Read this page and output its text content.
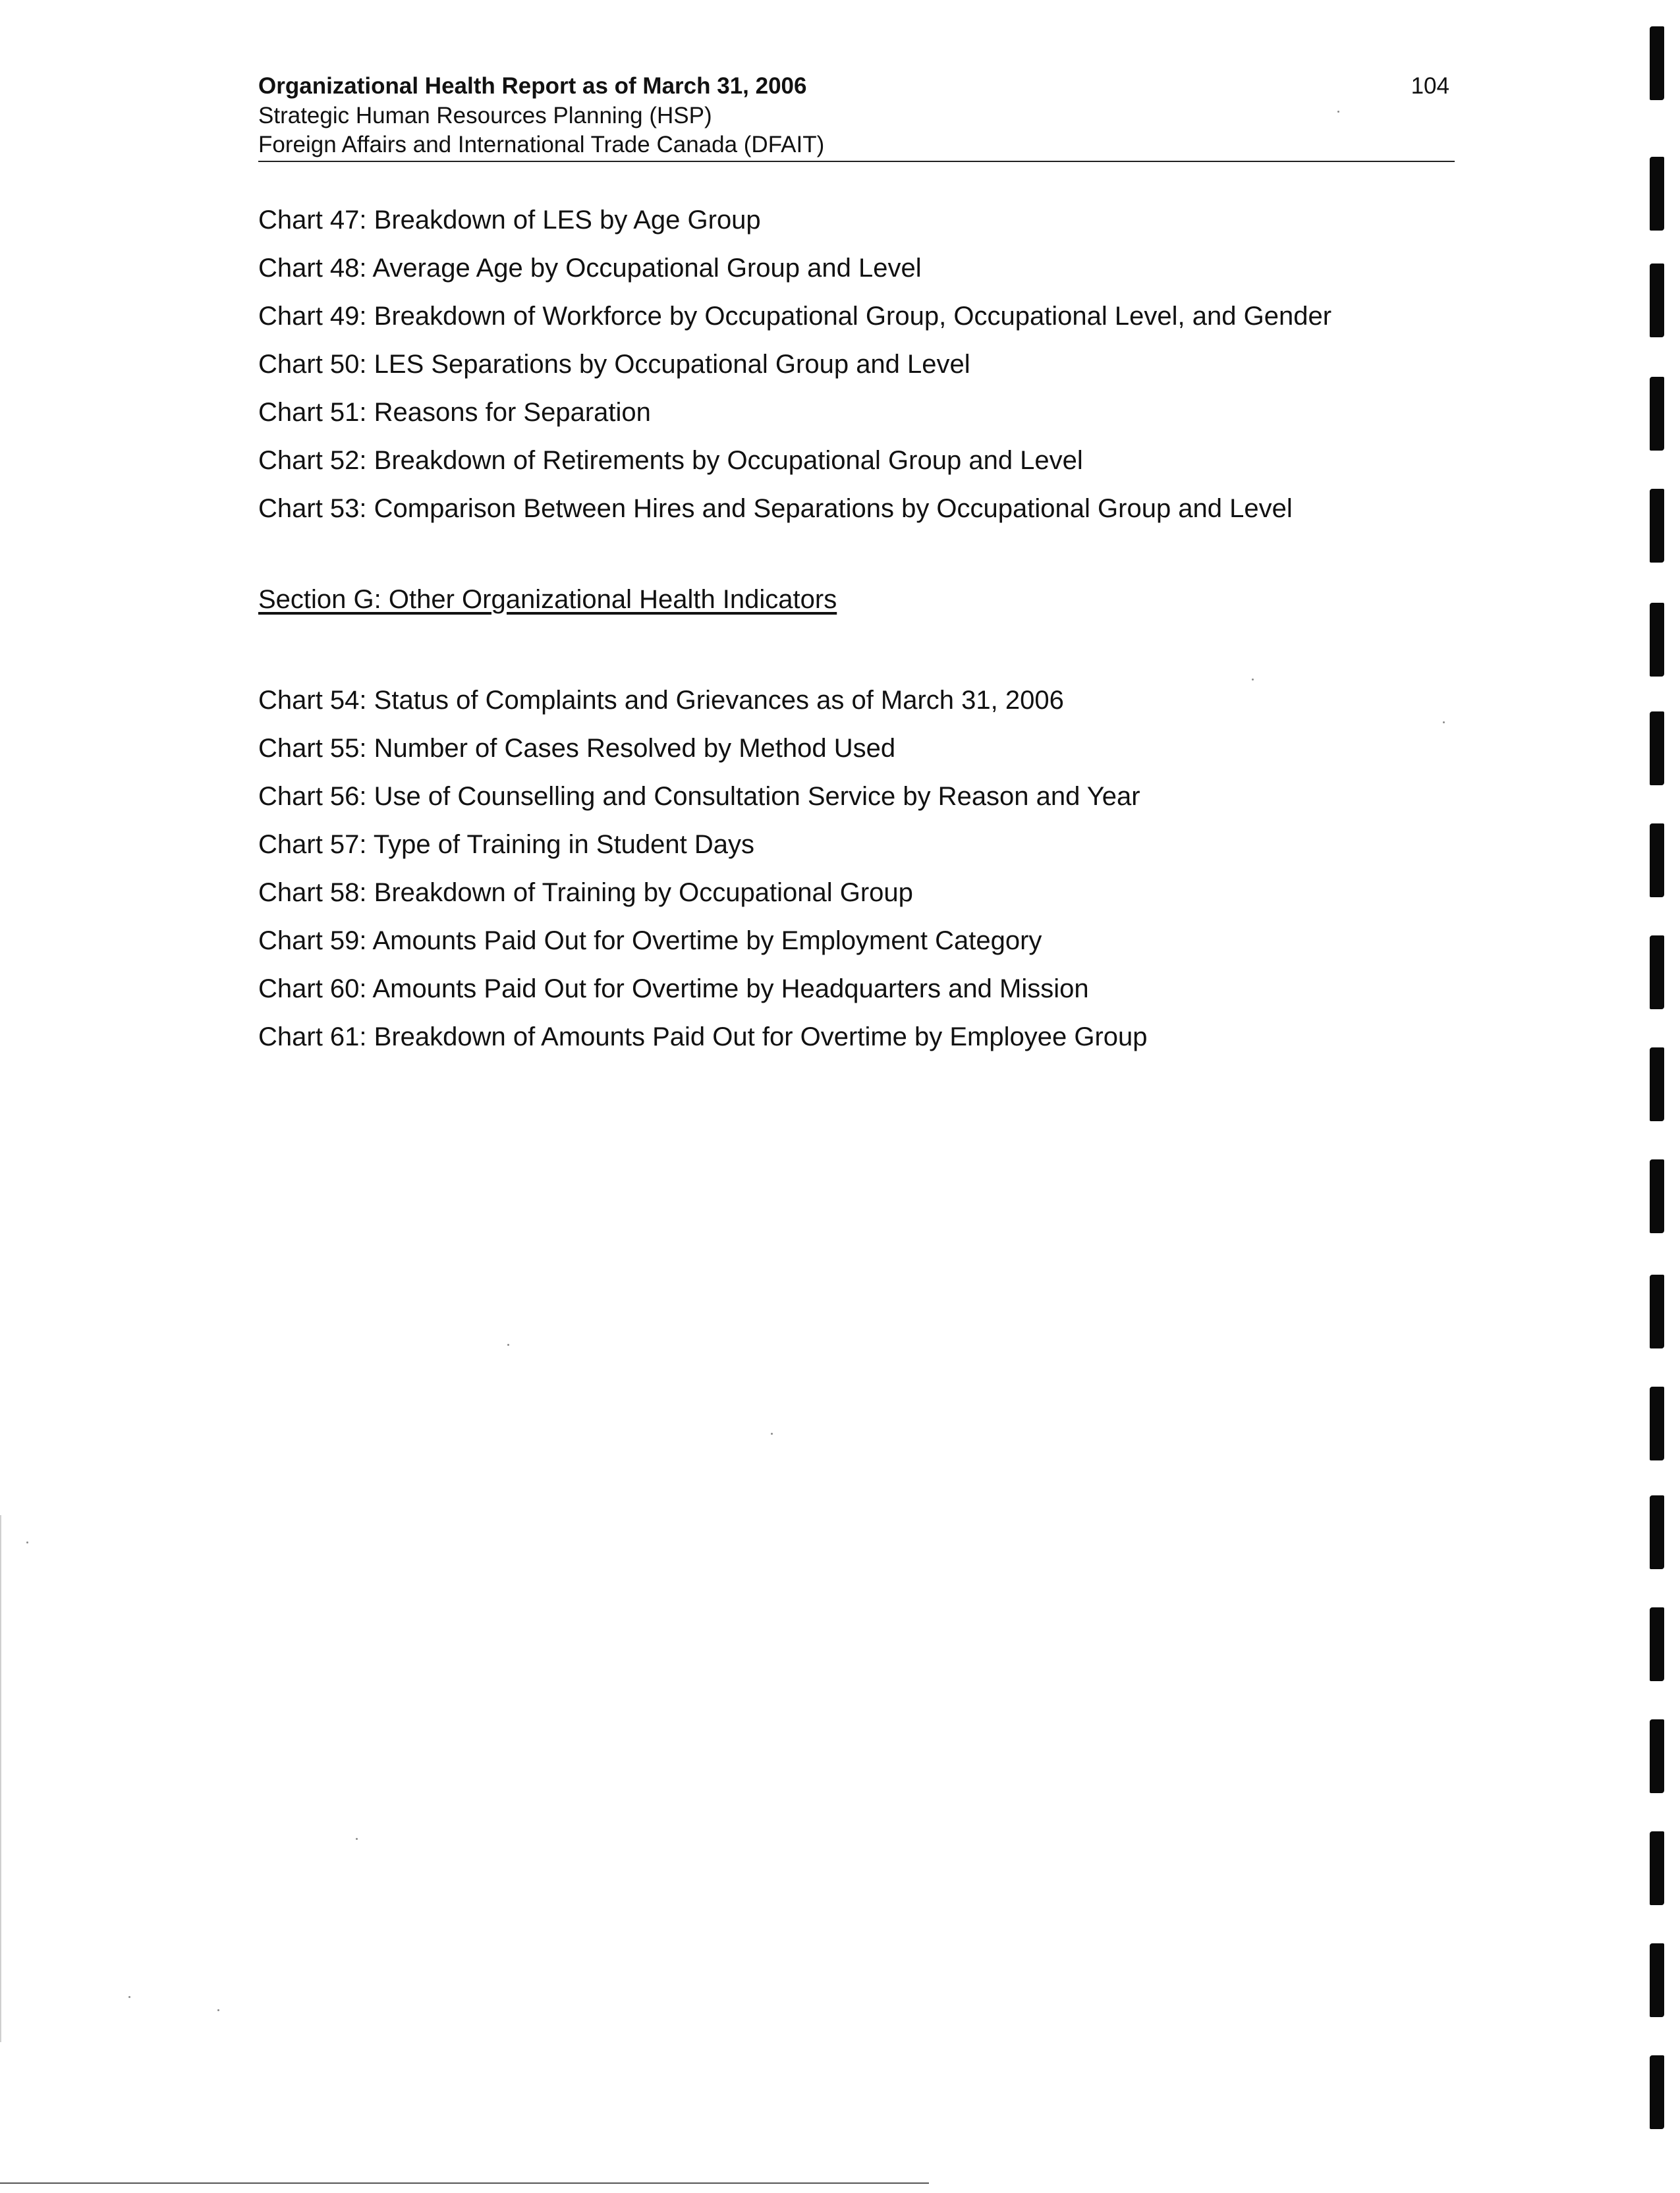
Organizational Health Report as of March 31, 2006
Strategic Human Resources Planning (HSP)
Foreign Affairs and International Trade Canada (DFAIT)
104
Chart 47: Breakdown of LES by Age Group
Chart 48: Average Age by Occupational Group and Level
Chart 49: Breakdown of Workforce by Occupational Group, Occupational Level, and Gender
Chart 50: LES Separations by Occupational Group and Level
Chart 51: Reasons for Separation
Chart 52: Breakdown of Retirements by Occupational Group and Level
Chart 53: Comparison Between Hires and Separations by Occupational Group and Level
Section G: Other Organizational Health Indicators
Chart 54: Status of Complaints and Grievances as of March 31, 2006
Chart 55: Number of Cases Resolved by Method Used
Chart 56: Use of Counselling and Consultation Service by Reason and Year
Chart 57: Type of Training in Student Days
Chart 58: Breakdown of Training by Occupational Group
Chart 59: Amounts Paid Out for Overtime by Employment Category
Chart 60: Amounts Paid Out for Overtime by Headquarters and Mission
Chart 61: Breakdown of Amounts Paid Out for Overtime by Employee Group
